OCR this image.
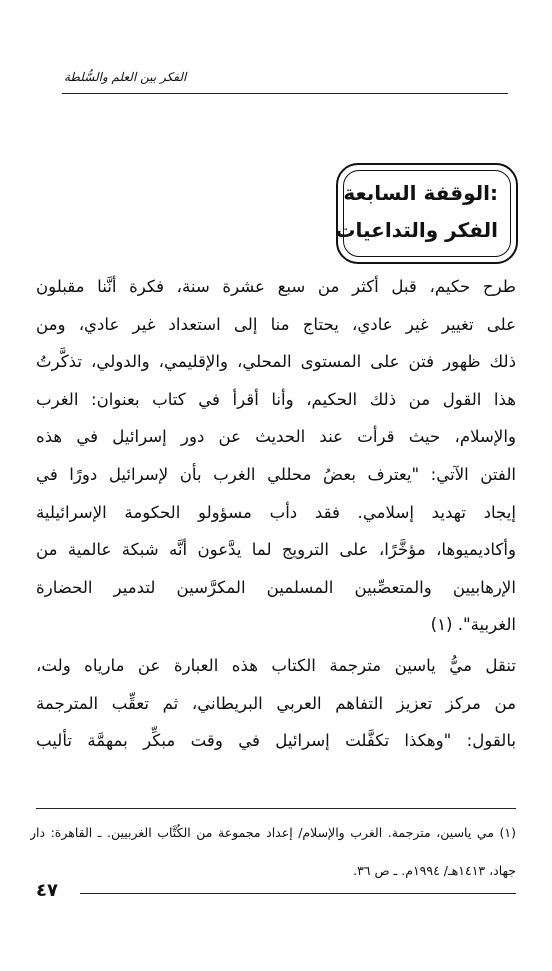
الفكر بين العلم والسُّلطة
الوقفة السابعة:
الفكر والتداعيات
طرح حكيم، قبل أكثر من سبع عشرة سنة، فكرة أنَّنا مقبلون
على تغيير غير عادي، يحتاج منا إلى استعداد غير عادي، ومن
ذلك ظهور فتن على المستوى المحلي، والإقليمي، والدولي، تذكَّرتُ
هذا القول من ذلك الحكيم، وأنا أقرأ في كتاب بعنوان: الغرب
والإسلام، حيث قرأت عند الحديث عن دور إسرائيل في هذه
الفتن الآتي: "يعترف بعضُ محللي الغرب بأن لإسرائيل دورًا في
إيجاد تهديد إسلامي. فقد دأب مسؤولو الحكومة الإسرائيلية
وأكاديميوها، مؤخَّرًا، على الترويج لما يدَّعون أنَّه شبكة عالمية من
الإرهابيين والمتعصِّبين المسلمين المكرَّسين لتدمير الحضارة
الغربية". (١)
تنقل ميُّ ياسين مترجمة الكتاب هذه العبارة عن مارياه ولت،
من مركز تعزيز التفاهم العربي البريطاني، ثم تعقِّب المترجمة
بالقول: "وهكذا تكفَّلت إسرائيل في وقت مبكِّر بمهمَّة تأليب
(١) مي ياسين، مترجمة. الغرب والإسلام/ إعداد مجموعة من الكُتَّاب الغربيين. ـ القاهرة: دار
جهاد، ١٤١٣هـ/ ١٩٩٤م. ـ ص ٣٦.
٤٧
